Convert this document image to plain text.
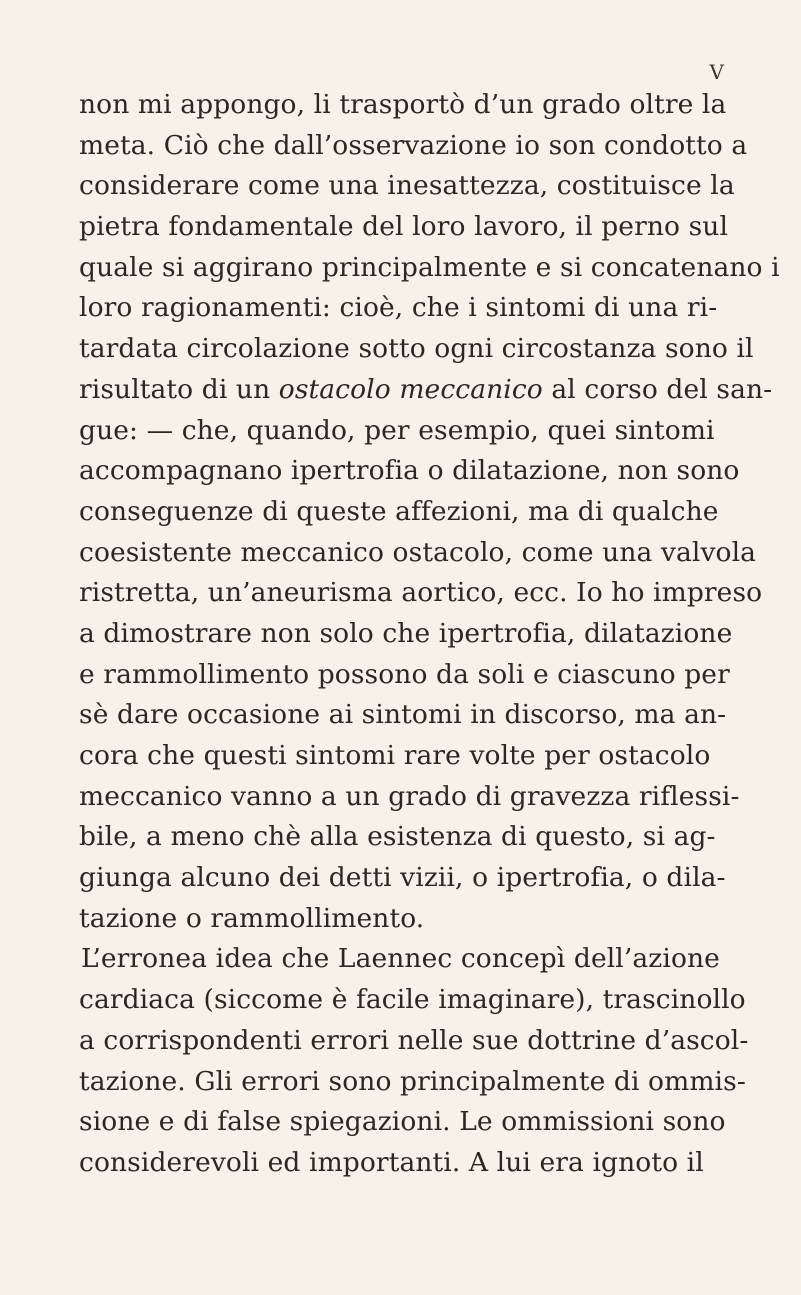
V
non mi appongo, li trasportò d’un grado oltre la
meta. Ciò che dall’osservazione io son condotto a
considerare come una inesattezza, costituisce la
pietra fondamentale del loro lavoro, il perno sul
quale si aggirano principalmente e si concatenano i
loro ragionamenti: cioè, che i sintomi di una ri-
tardata circolazione sotto ogni circostanza sono il
risultato di un ostacolo meccanico al corso del san-
gue: — che, quando, per esempio, quei sintomi
accompagnano ipertrofia o dilatazione, non sono
conseguenze di queste affezioni, ma di qualche
coesistente meccanico ostacolo, come una valvola
ristretta, un’aneurisma aortico, ecc. Io ho impreso
a dimostrare non solo che ipertrofia, dilatazione
e rammollimento possono da soli e ciascuno per
sè dare occasione ai sintomi in discorso, ma an-
cora che questi sintomi rare volte per ostacolo
meccanico vanno a un grado di gravezza riflessi-
bile, a meno chè alla esistenza di questo, si ag-
giunga alcuno dei detti vizii, o ipertrofia, o dila-
tazione o rammollimento.
L’erronea idea che Laennec concepì dell’azione
cardiaca (siccome è facile imaginare), trascinollo
a corrispondenti errori nelle sue dottrine d’ascol-
tazione. Gli errori sono principalmente di ommis-
sione e di false spiegazioni. Le ommissioni sono
considerevoli ed importanti. A lui era ignoto il
